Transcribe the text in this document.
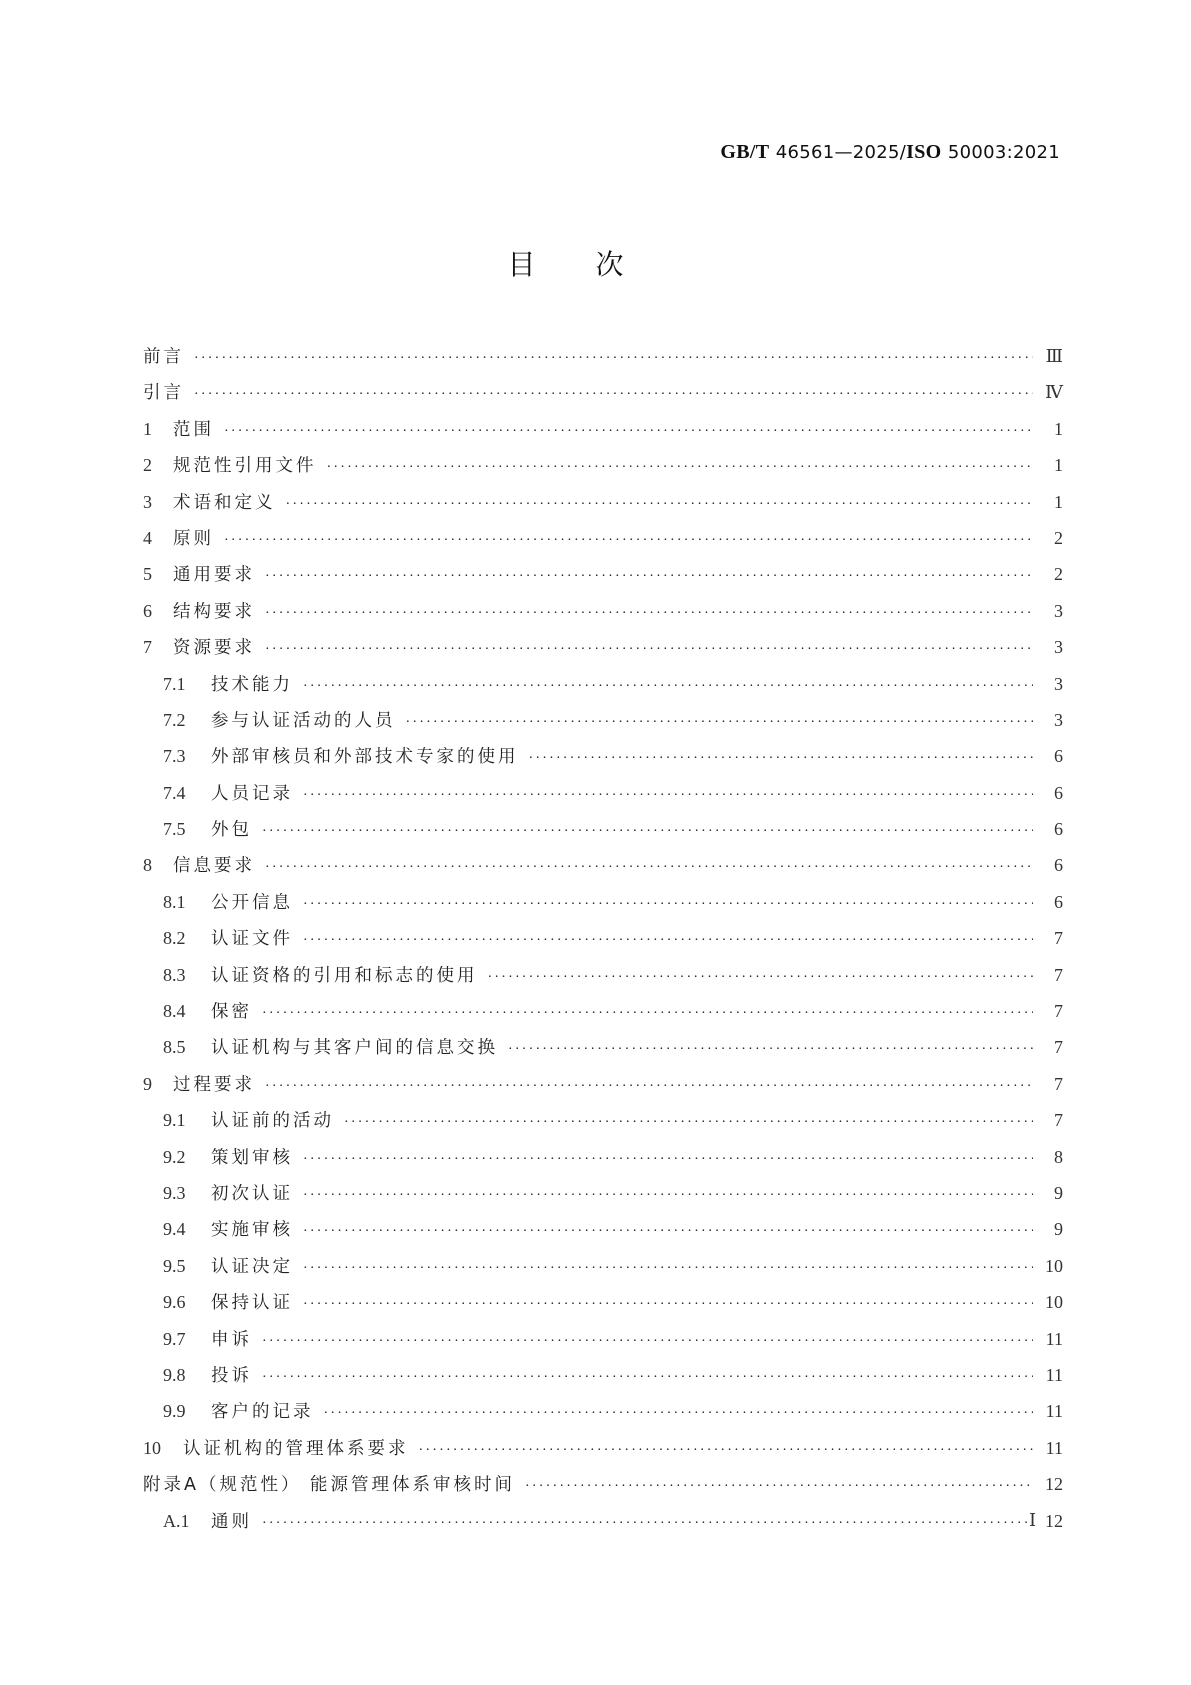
GB/T 46561—2025/ISO 50003:2021
目次
前言 ·····	Ⅲ
引言 ·····	Ⅳ
1	范围 ·····	1
2	规范性引用文件 ·····	1
3	术语和定义 ·····	1
4	原则 ·····	2
5	通用要求 ·····	2
6	结构要求 ·····	3
7	资源要求 ·····	3
7.1	技术能力 ·····	3
7.2	参与认证活动的人员 ·····	3
7.3	外部审核员和外部技术专家的使用 ·····	6
7.4	人员记录 ·····	6
7.5	外包 ·····	6
8	信息要求 ·····	6
8.1	公开信息 ·····	6
8.2	认证文件 ·····	7
8.3	认证资格的引用和标志的使用 ·····	7
8.4	保密 ·····	7
8.5	认证机构与其客户间的信息交换 ·····	7
9	过程要求 ·····	7
9.1	认证前的活动 ·····	7
9.2	策划审核 ·····	8
9.3	初次认证 ·····	9
9.4	实施审核 ·····	9
9.5	认证决定 ·····	10
9.6	保持认证 ·····	10
9.7	申诉 ·····	11
9.8	投诉 ·····	11
9.9	客户的记录 ·····	11
10	认证机构的管理体系要求 ·····	11
附录A（规范性） 能源管理体系审核时间 ·····	12
A.1	通则 ·····	12
Ⅰ
